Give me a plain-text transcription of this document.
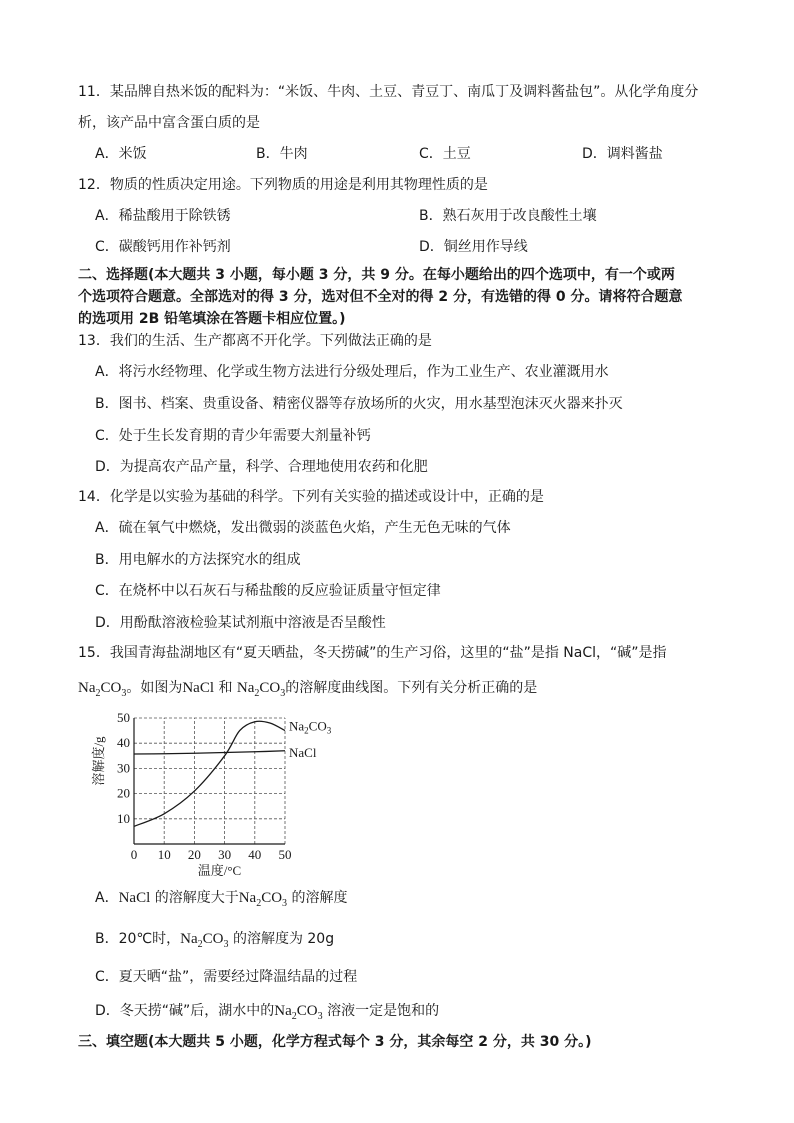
11．某品牌自热米饭的配料为：“米饭、牛肉、土豆、青豆丁、南瓜丁及调料酱盐包”。从化学角度分
析，该产品中富含蛋白质的是
A．米饭	B．牛肉	C．土豆	D．调料酱盐
12．物质的性质决定用途。下列物质的用途是利用其物理性质的是
A．稀盐酸用于除铁锈	B．熟石灰用于改良酸性土壤
C．碳酸钙用作补钙剂	D．铜丝用作导线
二、选择题(本大题共 3 小题，每小题 3 分，共 9 分。在每小题给出的四个选项中，有一个或两
个选项符合题意。全部选对的得 3 分，选对但不全对的得 2 分，有选错的得 0 分。请将符合题意
的选项用 2B 铅笔填涂在答题卡相应位置。)
13．我们的生活、生产都离不开化学。下列做法正确的是
A．将污水经物理、化学或生物方法进行分级处理后，作为工业生产、农业灌溉用水
B．图书、档案、贵重设备、精密仪器等存放场所的火灾，用水基型泡沫灭火器来扑灭
C．处于生长发育期的青少年需要大剂量补钙
D．为提高农产品产量，科学、合理地使用农药和化肥
14．化学是以实验为基础的科学。下列有关实验的描述或设计中，正确的是
A．硫在氧气中燃烧，发出微弱的淡蓝色火焰，产生无色无味的气体
B．用电解水的方法探究水的组成
C．在烧杯中以石灰石与稀盐酸的反应验证质量守恒定律
D．用酚酞溶液检验某试剂瓶中溶液是否呈酸性
15．我国青海盐湖地区有“夏天晒盐，冬天捞碱”的生产习俗，这里的“盐”是指 NaCl，“碱”是指
$Na_2CO_3$。如图为NaCl 和 $Na_2CO_3$的溶解度曲线图。下列有关分析正确的是
0 10 20 30 40 50
10
20
30
40
50
温度/°C
溶解度/g
$Na_2CO_3$
NaCl
A．NaCl 的溶解度大于$Na_2CO_3$ 的溶解度
B．20℃时，$Na_2CO_3$ 的溶解度为 20g
C．夏天晒“盐”，需要经过降温结晶的过程
D．冬天捞“碱”后，湖水中的$Na_2CO_3$ 溶液一定是饱和的
三、填空题(本大题共 5 小题，化学方程式每个 3 分，其余每空 2 分，共 30 分。)
